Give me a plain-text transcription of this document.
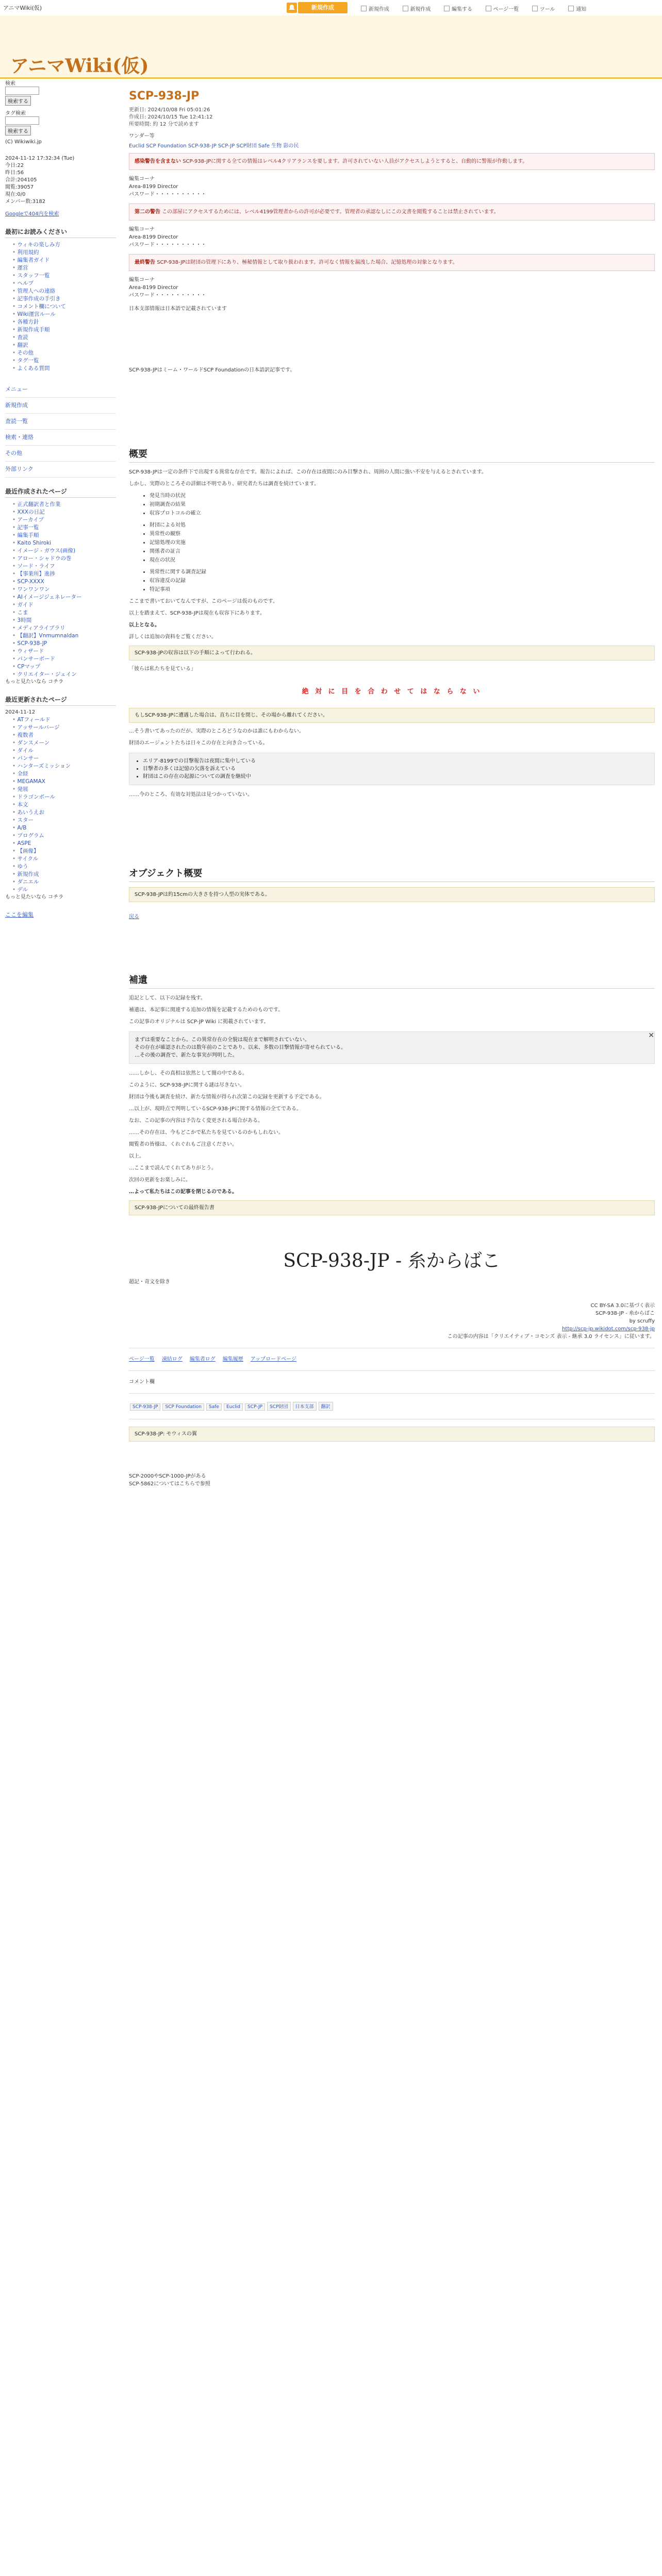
アニマWiki(仮)	新規作成	新規作成	新規作成	編集する	ページ一覧	ツール	通知
アニマWiki(仮)
検索

検索する
タグ検索

検索する
(C) Wikiwiki.jp
2024-11-12 17:32:34 (Tue)
今日:22
昨日:56
合計:204105
閲覧:39057
現在:0/0
メンバー数:3182
Googleで404内を検索
最初にお読みください
• ウィキの楽しみ方
• 利用規約
• 編集者ガイド
• 運営
• スタッフ一覧
• ヘルプ
• 管理人への連絡
• 記事作成の手引き
• コメント欄について
• Wiki運営ルール
• 各種方針
• 新規作成手順
• 査読
• 翻訳
• その他
• タグ一覧
• よくある質問
メニュー
新規作成
査読一覧
検索・連絡
その他
外部リンク
最近作成されたページ
• 正式翻訳者と作業
• XXXの日記
• アーカイブ
• 記事一覧
• 編集手順
• Kaito Shiroki
• イメージ - ガウス(画像)
• アロー・シャドウの巻
• ソード・ライフ
• 【事業所】進捗
• SCP-XXXX
• ワンワンワン
• AIイメージジェネレーター
• ガイド
• こま
• 3時間
• メディアライブラリ
• 【翻訳】Vnmumnaldan
• SCP-938-JP
• ウィザード
• パンサーボード
• CPマップ
• クリエイター・ジェイン
もっと見たいなら コチラ
最近更新されたページ
2024-11-12
• ATフィールド
• アッサールバージ
• 複数者
• ダンスメーン
• ダイル
• パンサー
• ハンターズミッション
• 全経
• MEGAMAX
• 発展
• ドラゴンボール
• 本文
• あいうえお
• スター
• A/B
• プログラム
• ASPE
• 【画像】
• サイクル
• ゆう
• 新規作成
• ダニエル
• デル
もっと見たいなら コチラ
ここを編集
SCP-938-JP
更新日: 2024/10/08 Fri 05:01:26
作成日: 2024/10/15 Tue 12:41:12
所要時間: 約 12 分で読めます
ワンダー等
Euclid SCP Foundation SCP-938-JP SCP-JP SCP財団 Safe 生物 影の民
感染警告を含まない SCP-938-JPに関する全ての情報はレベル4クリアランスを要します。許可されていない人員がアクセスしようとすると、自動的に警報が作動します。
編集コーナ
Area-8199 Director
パスワード・・・・・・・・・・
第二の警告 この部屋にアクセスするためには、レベル4199管理者からの許可が必要です。管理者の承認なしにこの文書を閲覧することは禁止されています。
編集コーナ
Area-8199 Director
パスワード・・・・・・・・・・
最終警告 SCP-938-JPは財団の管理下にあり、極秘情報として取り扱われます。許可なく情報を漏洩した場合、記憶処理の対象となります。
編集コーナ
Area-8199 Director
パスワード・・・・・・・・・・
日本支部情報は日本語で記載されています
SCP-938-JPはミーム・ワールドSCP Foundationの日本語訳記事です。
概要
SCP-938-JPは一定の条件下で出現する異常な存在です。報告によれば、この存在は夜間にのみ目撃され、周囲の人間に強い不安を与えるとされています。
しかし、実際のところその詳細は不明であり、研究者たちは調査を続けています。
• 発見当時の状況
• 初期調査の結果
• 収容プロトコルの確立
• 財団による対処
• 異常性の観察
• 記憶処理の実施
• 関係者の証言
• 現在の状況
• 異常性に関する調査記録
• 収容違反の記録
• 特記事項
ここまで書いておいてなんですが、このページは仮のものです。
以上を踏まえて、SCP-938-JPは現在も収容下にあります。
以上となる。
詳しくは追加の資料をご覧ください。
SCP-938-JPの収容は以下の手順によって行われる。
「彼らは私たちを見ている」
絶 対 に 目 を 合 わ せ て は な ら な い
もしSCP-938-JPに遭遇した場合は、直ちに目を閉じ、その場から離れてください。
…そう書いてあったのだが、実際のところどうなのかは誰にもわからない。
財団のエージェントたちは日々この存在と向き合っている。
• エリア-8199での目撃報告は夜間に集中している
• 目撃者の多くは記憶の欠落を訴えている
• 財団はこの存在の起源についての調査を継続中
……今のところ、有効な対処法は見つかっていない。
オブジェクト概要
SCP-938-JPは約15cmの大きさを持つ人型の実体である。
戻る
補遺
追記として、以下の記録を残す。
補遺は、本記事に関連する追加の情報を記載するためのものです。
この記事のオリジナルは SCP-JP Wiki に掲載されています。
✕
まずは重要なことから。この異常存在の全貌は現在まで解明されていない。
その存在が確認されたのは数年前のことであり、以来、多数の目撃情報が寄せられている。
…その後の調査で、新たな事実が判明した。
……しかし、その真相は依然として闇の中である。
このように、SCP-938-JPに関する謎は尽きない。
財団は今後も調査を続け、新たな情報が得られ次第この記録を更新する予定である。
…以上が、現時点で判明しているSCP-938-JPに関する情報の全てである。
なお、この記事の内容は予告なく変更される場合がある。
……その存在は、今もどこかで私たちを見ているのかもしれない。
閲覧者の皆様は、くれぐれもご注意ください。
以上。
…ここまで読んでくれてありがとう。
次回の更新をお楽しみに。
…よって私たちはこの記事を閉じるのである。
SCP-938-JPについての最終報告書
SCP-938-JP - 糸からばこ
超記・奇文を除き
CC BY-SA 3.0に基づく表示
SCP-938-JP - 糸からばこ
by scruffy
http://scp-jp.wikidot.com/scp-938-jp
この記事の内容は「クリエイティブ・コモンズ 表示 - 継承 3.0 ライセンス」に従います。
ページ一覧 凍結ログ 編集者ログ 編集履歴 アップロードページ
コメント欄
SCP-938-JP SCP Foundation Safe Euclid SCP-JP SCP財団 日本支部 翻訳
SCP-938-JP: モウィスの翼
SCP-2000やSCP-1000-JPがある
SCP-5862についてはこちらで参照
